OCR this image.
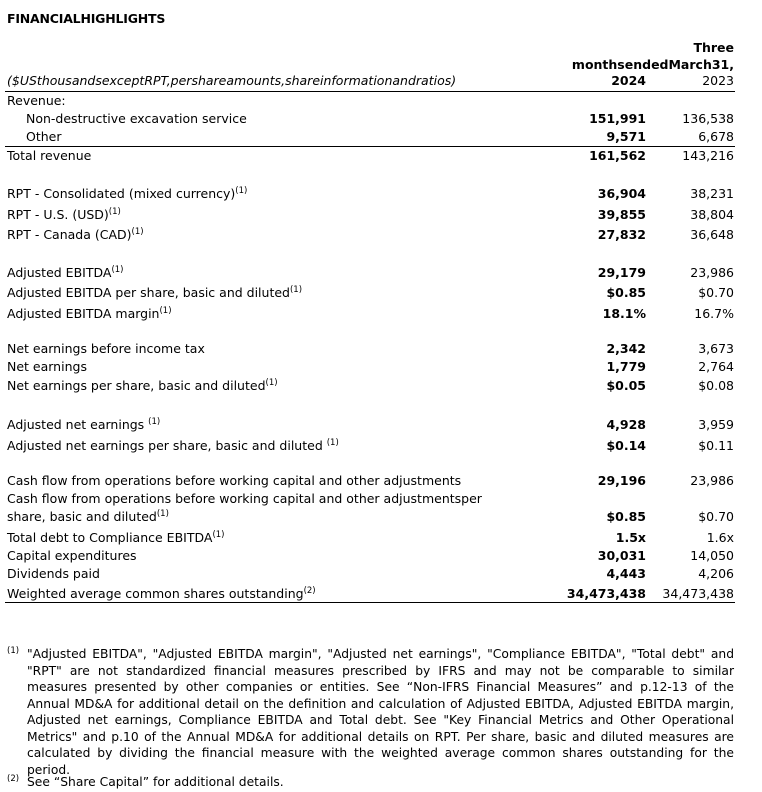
FINANCIALHIGHLIGHTS
Three
monthsendedMarch31,
($USthousandsexceptRPT,pershareamounts,shareinformationandratios)	2024	2023
Revenue:
Non-destructive excavation service	151,991	136,538
Other	9,571	6,678
Total revenue	161,562	143,216
RPT - Consolidated (mixed currency)$^{(1)}$	36,904	38,231
RPT - U.S. (USD)$^{(1)}$	39,855	38,804
RPT - Canada (CAD)$^{(1)}$	27,832	36,648
Adjusted EBITDA$^{(1)}$	29,179	23,986
Adjusted EBITDA per share, basic and diluted$^{(1)}$	$0.85	$0.70
Adjusted EBITDA margin$^{(1)}$	18.1%	16.7%
Net earnings before income tax	2,342	3,673
Net earnings	1,779	2,764
Net earnings per share, basic and diluted$^{(1)}$	$0.05	$0.08
Adjusted net earnings $^{(1)}$	4,928	3,959
Adjusted net earnings per share, basic and diluted $^{(1)}$	$0.14	$0.11
Cash flow from operations before working capital and other adjustments	29,196	23,986
Cash flow from operations before working capital and other adjustmentsper
share, basic and diluted$^{(1)}$	$0.85	$0.70
Total debt to Compliance EBITDA$^{(1)}$	1.5x	1.6x
Capital expenditures	30,031	14,050
Dividends paid	4,443	4,206
Weighted average common shares outstanding$^{(2)}$	34,473,438 34,473,438
(1) "Adjusted EBITDA", "Adjusted EBITDA margin", "Adjusted net earnings", "Compliance EBITDA", "Total debt" and "RPT" are not standardized financial measures prescribed by IFRS and may not be comparable to similar measures presented by other companies or entities. See “Non-IFRS Financial Measures” and p.12-13 of the Annual MD&A for additional detail on the definition and calculation of Adjusted EBITDA, Adjusted EBITDA margin, Adjusted net earnings, Compliance EBITDA and Total debt. See "Key Financial Metrics and Other Operational Metrics" and p.10 of the Annual MD&A for additional details on RPT. Per share, basic and diluted measures are calculated by dividing the financial measure with the weighted average common shares outstanding for the period.
(2) See “Share Capital” for additional details.
